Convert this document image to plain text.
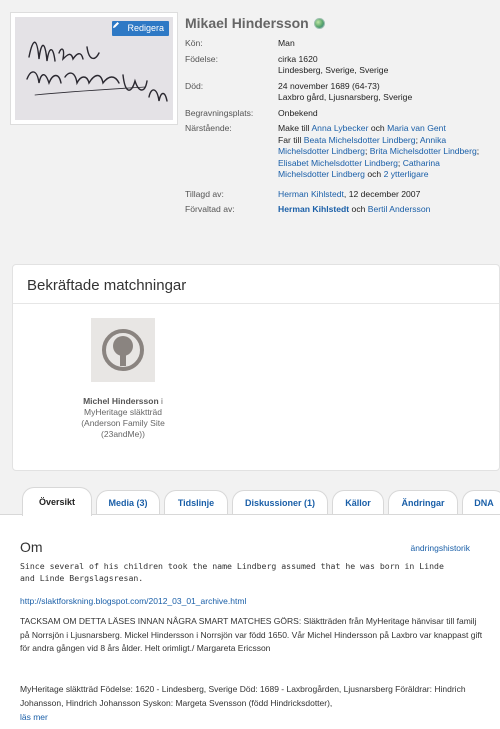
Redigera Mikael Hindersson
Kön:	Man
Födelse:	cirka 1620
Lindesberg, Sverige, Sverige
Död:	24 november 1689 (64-73)
Laxbro gård, Ljusnarsberg, Sverige
Begravningsplats:	Onbekend
Närstående:	Make till Anna Lybecker och Maria van Gent
Far till Beata Michelsdotter Lindberg; Annika Michelsdotter Lindberg; Brita Michelsdotter Lindberg; Elisabet Michelsdotter Lindberg; Catharina Michelsdotter Lindberg och 2 ytterligare
Tillagd av:	Herman Kihlstedt, 12 december 2007
Förvaltad av:	Herman Kihlstedt och Bertil Andersson
Bekräftade matchningar
Michel Hindersson i
MyHeritage släktträd
(Anderson Family Site
(23andMe))
Översikt	Media (3)	Tidslinje	Diskussioner (1)	Källor	Ändringar	DNA
Om	ändringshistorik
Since several of his children took the name Lindberg assumed that he was born in Linde and Linde Bergslagsresan.
http://slaktforskning.blogspot.com/2012_03_01_archive.html
TACKSAM OM DETTA LÄSES INNAN NÅGRA SMART MATCHES GÖRS: Släktträden från MyHeritage hänvisar till familj på Norrsjön i Ljusnarsberg. Mickel Hindersson i Norrsjön var född 1650. Vår Michel Hindersson på Laxbro var knappast gift för andra gången vid 8 års ålder. Helt orimligt./ Margareta Ericsson
MyHeritage släktträd Födelse: 1620 - Lindesberg, Sverige Död: 1689 - Laxbrogården, Ljusnarsberg Föräldrar: Hindrich Johansson, Hindrich Johansson Syskon: Margeta Svensson (född Hindricksdotter),
läs mer
